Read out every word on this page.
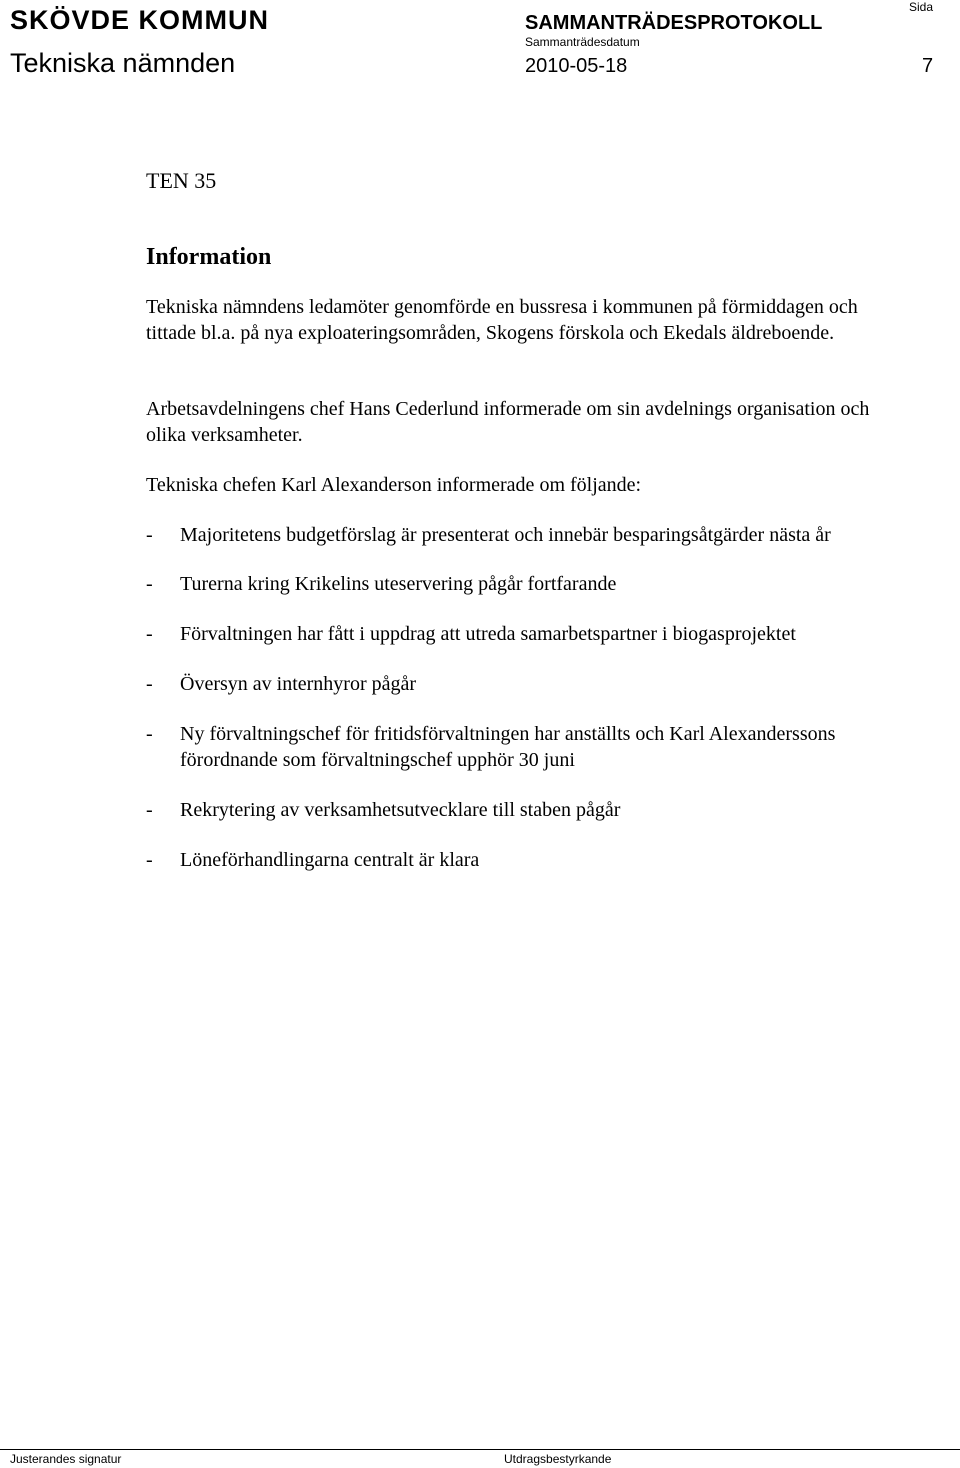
SKÖVDE KOMMUN
Tekniska nämnden
SAMMANTRÄDESPROTOKOLL
Sammanträdesdatum
2010-05-18
Sida
7
TEN 35
Information

Tekniska nämndens ledamöter genomförde en bussresa i kommunen på förmiddagen och tittade bl.a. på nya exploateringsområden, Skogens förskola och Ekedals äldreboende.

Arbetsavdelningens chef Hans Cederlund informerade om sin avdelnings organisation och olika verksamheter.

Tekniska chefen Karl Alexanderson informerade om följande:

- Majoritetens budgetförslag är presenterat och innebär besparingsåtgärder nästa år
- Turerna kring Krikelins uteservering pågår fortfarande
- Förvaltningen har fått i uppdrag att utreda samarbetspartner i biogasprojektet
- Översyn av internhyror pågår
- Ny förvaltningschef för fritidsförvaltningen har anställts och Karl Alexanderssons förordnande som förvaltningschef upphör 30 juni
- Rekrytering av verksamhetsutvecklare till staben pågår
- Löneförhandlingarna centralt är klara
Justerandes signatur	Utdragsbestyrkande
